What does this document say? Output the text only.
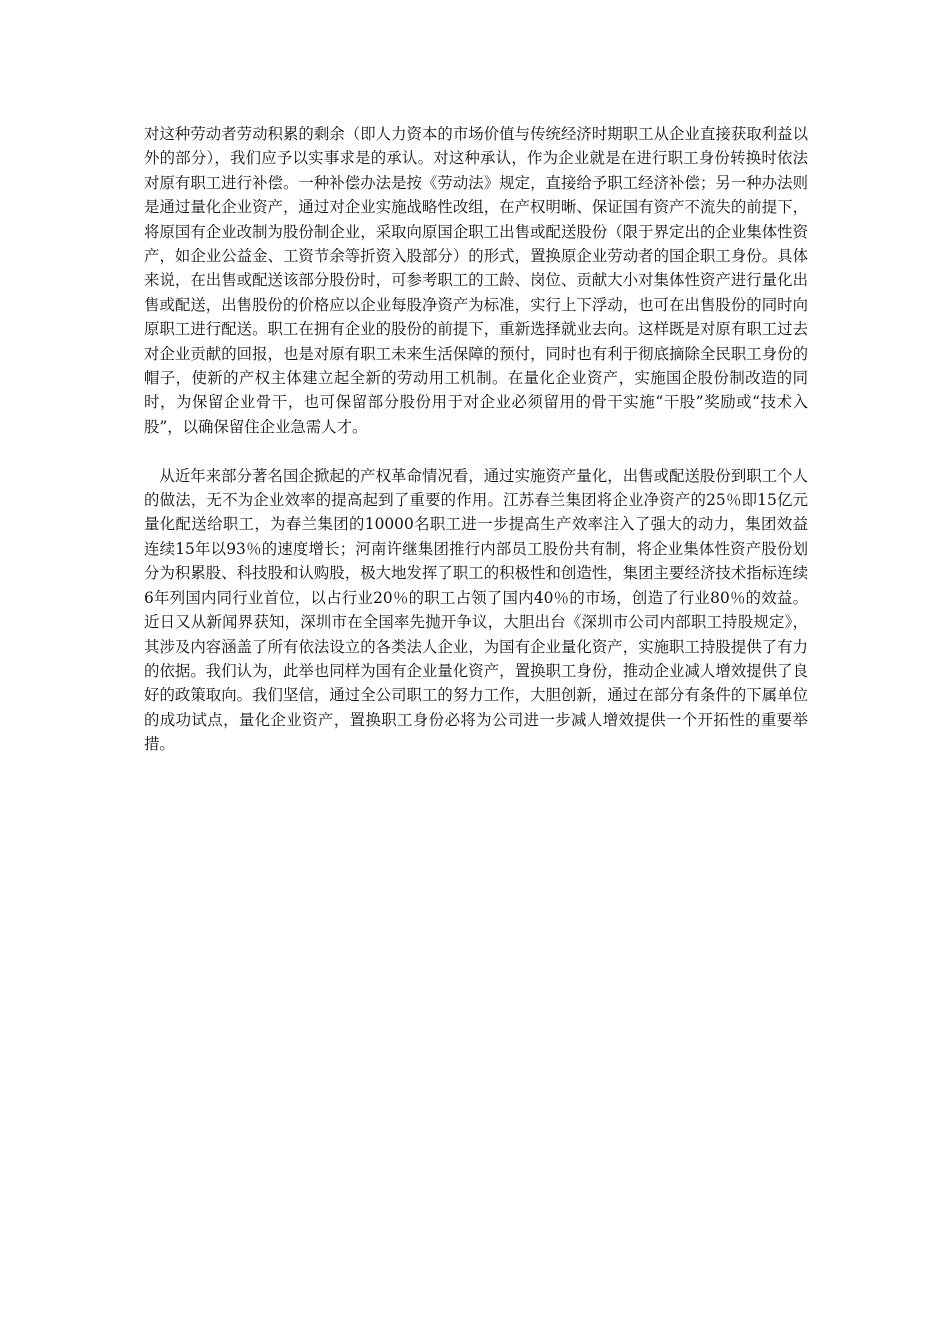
对这种劳动者劳动积累的剩余（即人力资本的市场价值与传统经济时期职工从企业直接获取利益以外的部分），我们应予以实事求是的承认。对这种承认，作为企业就是在进行职工身份转换时依法对原有职工进行补偿。一种补偿办法是按《劳动法》规定，直接给予职工经济补偿；另一种办法则是通过量化企业资产，通过对企业实施战略性改组，在产权明晰、保证国有资产不流失的前提下，将原国有企业改制为股份制企业，采取向原国企职工出售或配送股份（限于界定出的企业集体性资产，如企业公益金、工资节余等折资入股部分）的形式，置换原企业劳动者的国企职工身份。具体来说，在出售或配送该部分股份时，可参考职工的工龄、岗位、贡献大小对集体性资产进行量化出售或配送，出售股份的价格应以企业每股净资产为标准，实行上下浮动，也可在出售股份的同时向原职工进行配送。职工在拥有企业的股份的前提下，重新选择就业去向。这样既是对原有职工过去对企业贡献的回报，也是对原有职工未来生活保障的预付，同时也有利于彻底摘除全民职工身份的帽子，使新的产权主体建立起全新的劳动用工机制。在量化企业资产，实施国企股份制改造的同时，为保留企业骨干，也可保留部分股份用于对企业必须留用的骨干实施“干股”奖励或“技术入股”，以确保留住企业急需人才。

从近年来部分著名国企掀起的产权革命情况看，通过实施资产量化，出售或配送股份到职工个人的做法，无不为企业效率的提高起到了重要的作用。江苏春兰集团将企业净资产的25％即15亿元量化配送给职工，为春兰集团的10000名职工进一步提高生产效率注入了强大的动力，集团效益连续15年以93％的速度增长；河南许继集团推行内部员工股份共有制，将企业集体性资产股份划分为积累股、科技股和认购股，极大地发挥了职工的积极性和创造性，集团主要经济技术指标连续6年列国内同行业首位，以占行业20％的职工占领了国内40％的市场，创造了行业80％的效益。近日又从新闻界获知，深圳市在全国率先抛开争议，大胆出台《深圳市公司内部职工持股规定》，其涉及内容涵盖了所有依法设立的各类法人企业，为国有企业量化资产，实施职工持股提供了有力的依据。我们认为，此举也同样为国有企业量化资产，置换职工身份，推动企业减人增效提供了良好的政策取向。我们坚信，通过全公司职工的努力工作，大胆创新，通过在部分有条件的下属单位的成功试点，量化企业资产，置换职工身份必将为公司进一步减人增效提供一个开拓性的重要举措。
